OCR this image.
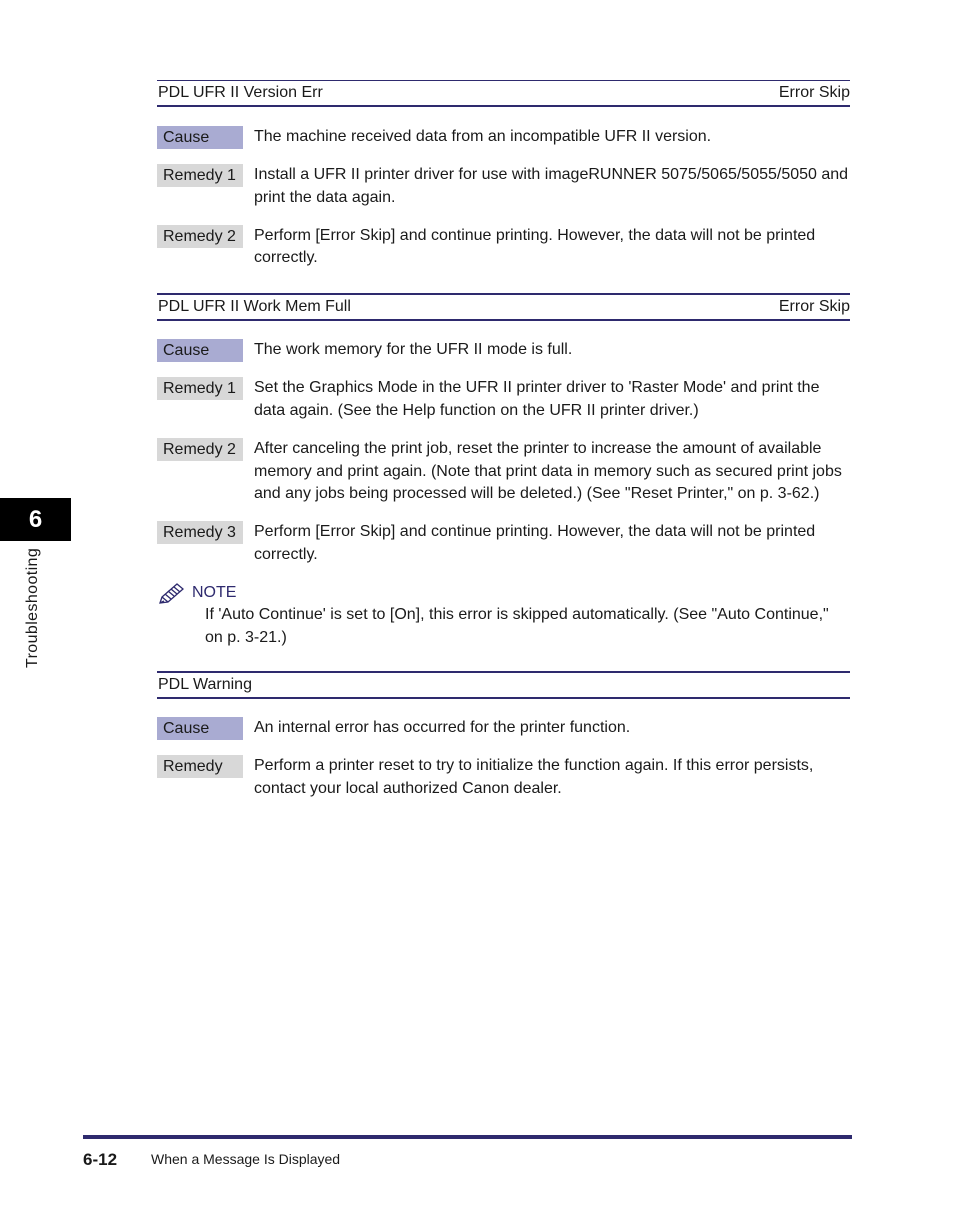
PDL UFR II Version Err	Error Skip
Cause	The machine received data from an incompatible UFR II version.
Remedy 1	Install a UFR II printer driver for use with imageRUNNER 5075/5065/5055/5050 and print the data again.
Remedy 2	Perform [Error Skip] and continue printing. However, the data will not be printed correctly.
PDL UFR II Work Mem Full	Error Skip
Cause	The work memory for the UFR II mode is full.
Remedy 1	Set the Graphics Mode in the UFR II printer driver to 'Raster Mode' and print the data again. (See the Help function on the UFR II printer driver.)
Remedy 2	After canceling the print job, reset the printer to increase the amount of available memory and print again. (Note that print data in memory such as secured print jobs and any jobs being processed will be deleted.) (See "Reset Printer," on p. 3-62.)
Remedy 3	Perform [Error Skip] and continue printing. However, the data will not be printed correctly.
NOTE
If 'Auto Continue' is set to [On], this error is skipped automatically. (See "Auto Continue," on p. 3-21.)
PDL Warning
Cause	An internal error has occurred for the printer function.
Remedy	Perform a printer reset to try to initialize the function again. If this error persists, contact your local authorized Canon dealer.
6
Troubleshooting
6-12 When a Message Is Displayed
